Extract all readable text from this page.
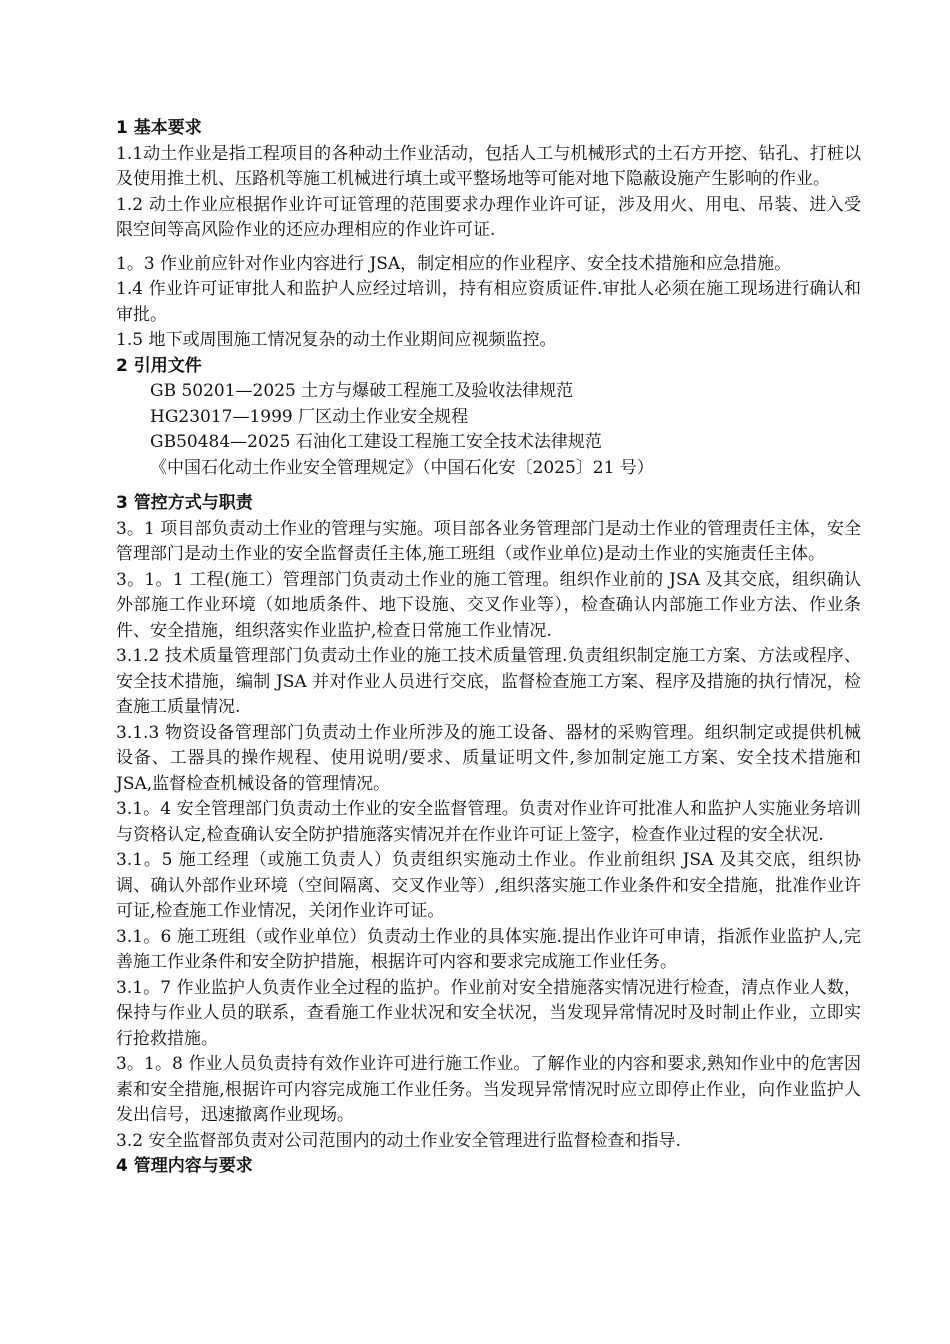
1 基本要求

1.1动土作业是指工程项目的各种动土作业活动，包括人工与机械形式的土石方开挖、钻孔、打桩以及使用推土机、压路机等施工机械进行填土或平整场地等可能对地下隐蔽设施产生影响的作业。

1.2 动土作业应根据作业许可证管理的范围要求办理作业许可证，涉及用火、用电、吊装、进入受限空间等高风险作业的还应办理相应的作业许可证.

1。3 作业前应针对作业内容进行 JSA，制定相应的作业程序、安全技术措施和应急措施。

1.4 作业许可证审批人和监护人应经过培训，持有相应资质证件.审批人必须在施工现场进行确认和审批。

1.5 地下或周围施工情况复杂的动土作业期间应视频监控。

2 引用文件

GB 50201—2025 土方与爆破工程施工及验收法律规范

HG23017—1999 厂区动土作业安全规程

GB50484—2025 石油化工建设工程施工安全技术法律规范

《中国石化动土作业安全管理规定》（中国石化安〔2025〕21 号）

3 管控方式与职责

3。1 项目部负责动土作业的管理与实施。项目部各业务管理部门是动土作业的管理责任主体，安全管理部门是动土作业的安全监督责任主体,施工班组（或作业单位)是动土作业的实施责任主体。

3。1。1 工程(施工）管理部门负责动土作业的施工管理。组织作业前的 JSA 及其交底，组织确认外部施工作业环境（如地质条件、地下设施、交叉作业等），检查确认内部施工作业方法、作业条件、安全措施，组织落实作业监护,检查日常施工作业情况.

3.1.2 技术质量管理部门负责动土作业的施工技术质量管理.负责组织制定施工方案、方法或程序、安全技术措施，编制 JSA 并对作业人员进行交底，监督检查施工方案、程序及措施的执行情况，检查施工质量情况.

3.1.3 物资设备管理部门负责动土作业所涉及的施工设备、器材的采购管理。组织制定或提供机械设备、工器具的操作规程、使用说明/要求、质量证明文件,参加制定施工方案、安全技术措施和 JSA,监督检查机械设备的管理情况。

3.1。4 安全管理部门负责动土作业的安全监督管理。负责对作业许可批准人和监护人实施业务培训与资格认定,检查确认安全防护措施落实情况并在作业许可证上签字，检查作业过程的安全状况.

3.1。5 施工经理（或施工负责人）负责组织实施动土作业。作业前组织 JSA 及其交底，组织协调、确认外部作业环境（空间隔离、交叉作业等）,组织落实施工作业条件和安全措施，批准作业许可证,检查施工作业情况，关闭作业许可证。

3.1。6 施工班组（或作业单位）负责动土作业的具体实施.提出作业许可申请，指派作业监护人,完善施工作业条件和安全防护措施，根据许可内容和要求完成施工作业任务。

3.1。7 作业监护人负责作业全过程的监护。作业前对安全措施落实情况进行检查，清点作业人数，保持与作业人员的联系，查看施工作业状况和安全状况，当发现异常情况时及时制止作业，立即实行抢救措施。

3。1。8 作业人员负责持有效作业许可进行施工作业。了解作业的内容和要求,熟知作业中的危害因素和安全措施,根据许可内容完成施工作业任务。当发现异常情况时应立即停止作业，向作业监护人发出信号，迅速撤离作业现场。

3.2 安全监督部负责对公司范围内的动土作业安全管理进行监督检查和指导.

4 管理内容与要求
